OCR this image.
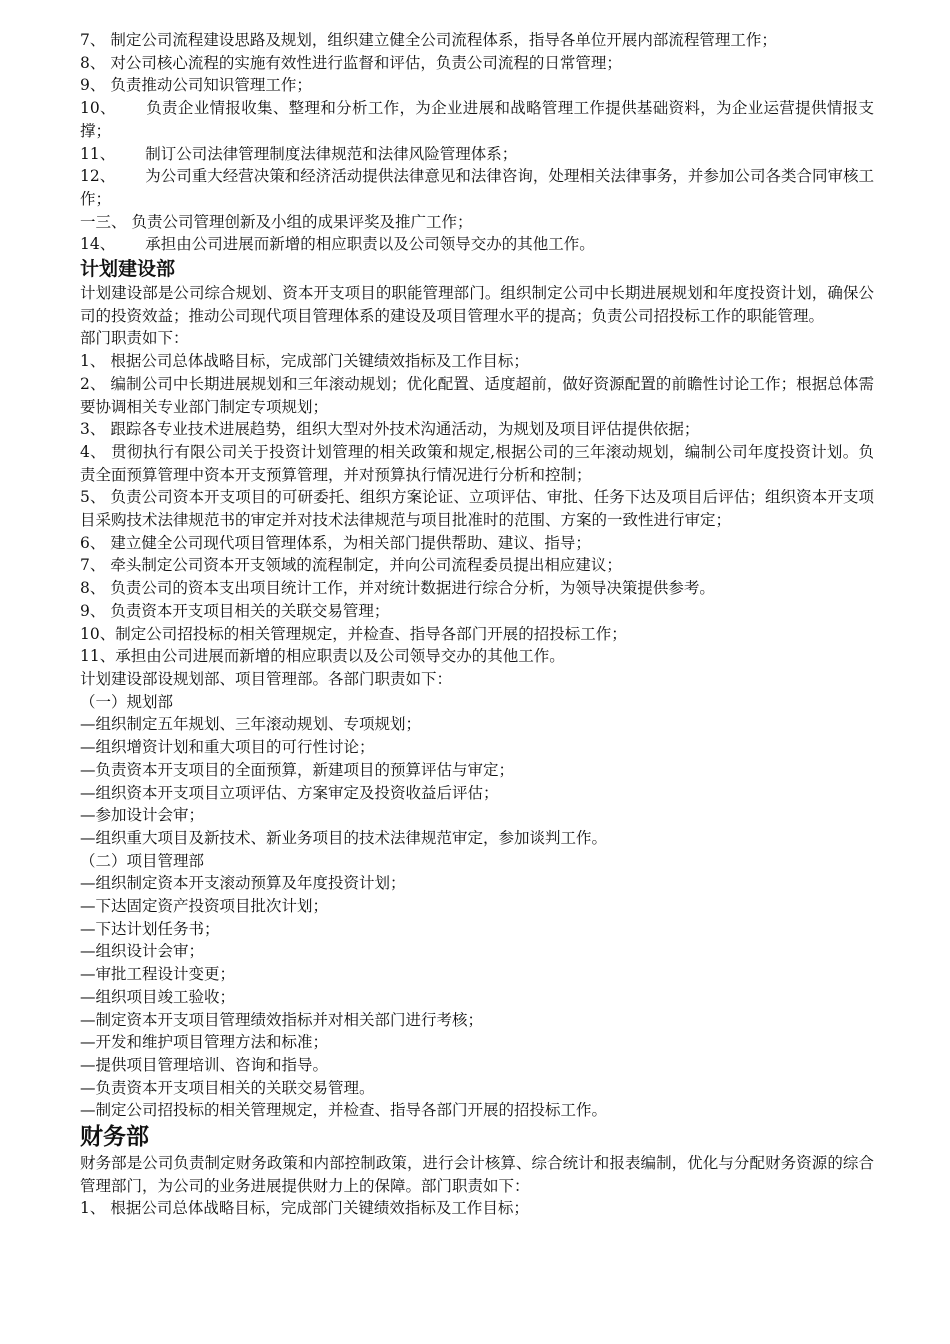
7、 制定公司流程建设思路及规划，组织建立健全公司流程体系，指导各单位开展内部流程管理工作；

8、 对公司核心流程的实施有效性进行监督和评估，负责公司流程的日常管理；

9、 负责推动公司知识管理工作；

10、 负责企业情报收集、整理和分析工作，为企业进展和战略管理工作提供基础资料，为企业运营提供情报支撑；

11、 制订公司法律管理制度法律规范和法律风险管理体系；

12、 为公司重大经营决策和经济活动提供法律意见和法律咨询，处理相关法律事务，并参加公司各类合同审核工作；

一三、 负责公司管理创新及小组的成果评奖及推广工作；

14、 承担由公司进展而新增的相应职责以及公司领导交办的其他工作。

计划建设部

计划建设部是公司综合规划、资本开支项目的职能管理部门。组织制定公司中长期进展规划和年度投资计划，确保公司的投资效益；推动公司现代项目管理体系的建设及项目管理水平的提高；负责公司招投标工作的职能管理。

部门职责如下：

1、 根据公司总体战略目标，完成部门关键绩效指标及工作目标；

2、 编制公司中长期进展规划和三年滚动规划；优化配置、适度超前，做好资源配置的前瞻性讨论工作；根据总体需要协调相关专业部门制定专项规划；

3、 跟踪各专业技术进展趋势，组织大型对外技术沟通活动，为规划及项目评估提供依据；

4、 贯彻执行有限公司关于投资计划管理的相关政策和规定,根据公司的三年滚动规划，编制公司年度投资计划。负责全面预算管理中资本开支预算管理，并对预算执行情况进行分析和控制；

5、 负责公司资本开支项目的可研委托、组织方案论证、立项评估、审批、任务下达及项目后评估；组织资本开支项目采购技术法律规范书的审定并对技术法律规范与项目批准时的范围、方案的一致性进行审定；

6、 建立健全公司现代项目管理体系，为相关部门提供帮助、建议、指导；

7、 牵头制定公司资本开支领域的流程制定，并向公司流程委员提出相应建议；

8、 负责公司的资本支出项目统计工作，并对统计数据进行综合分析，为领导决策提供参考。

9、 负责资本开支项目相关的关联交易管理；

10、制定公司招投标的相关管理规定，并检查、指导各部门开展的招投标工作；

11、承担由公司进展而新增的相应职责以及公司领导交办的其他工作。

计划建设部设规划部、项目管理部。各部门职责如下：

（一）规划部

—组织制定五年规划、三年滚动规划、专项规划；

—组织增资计划和重大项目的可行性讨论；

—负责资本开支项目的全面预算，新建项目的预算评估与审定；

—组织资本开支项目立项评估、方案审定及投资收益后评估；

—参加设计会审；

—组织重大项目及新技术、新业务项目的技术法律规范审定，参加谈判工作。

（二）项目管理部

—组织制定资本开支滚动预算及年度投资计划；

—下达固定资产投资项目批次计划；

—下达计划任务书；

—组织设计会审；

—审批工程设计变更；

—组织项目竣工验收；

—制定资本开支项目管理绩效指标并对相关部门进行考核；

—开发和维护项目管理方法和标准；

—提供项目管理培训、咨询和指导。

—负责资本开支项目相关的关联交易管理。

—制定公司招投标的相关管理规定，并检查、指导各部门开展的招投标工作。

财务部

财务部是公司负责制定财务政策和内部控制政策，进行会计核算、综合统计和报表编制，优化与分配财务资源的综合管理部门，为公司的业务进展提供财力上的保障。部门职责如下：

1、 根据公司总体战略目标，完成部门关键绩效指标及工作目标；
